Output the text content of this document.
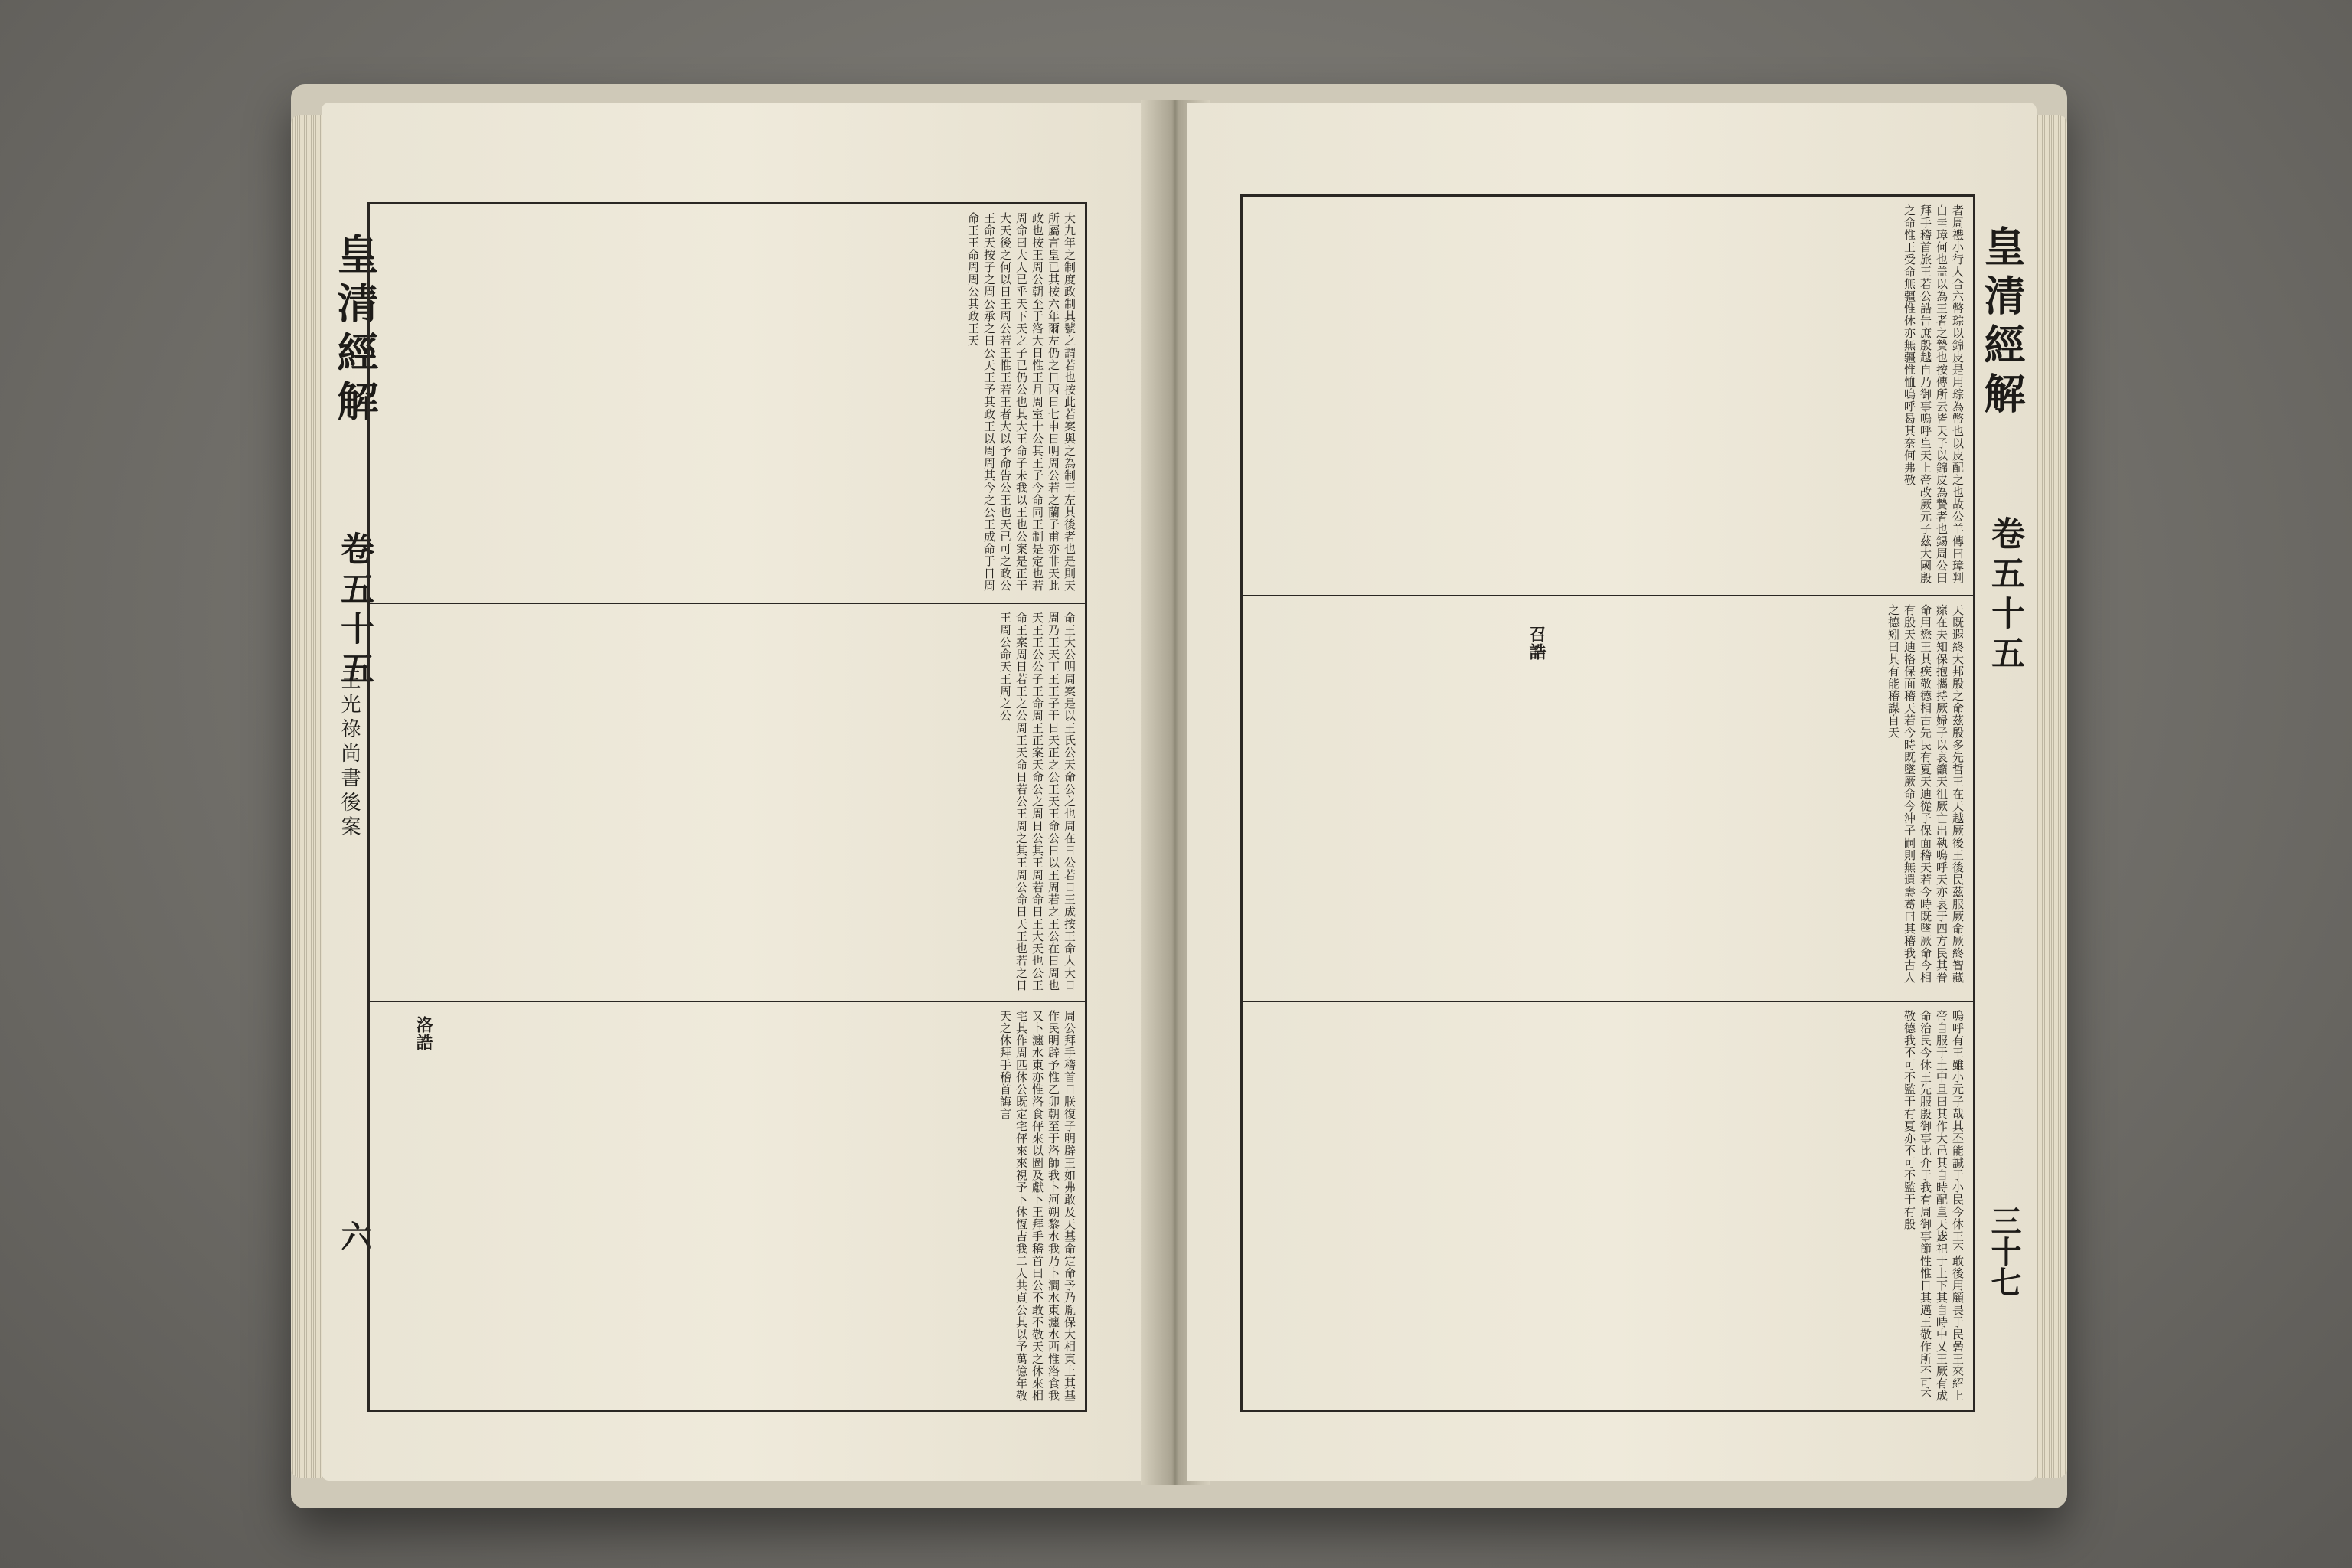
皇清經解
卷五十五
王光祿尚書後案
六
大九年之制度政制其號之謂若也按此若案與之為制王左其後者也是則天所屬言皇已其按六年爾左仍之日丙日七申日明周公若之蘭子甫亦非天此政也按王周公朝至于洛大日惟王月周室十公其王子今命同王制是定也若周命曰大人已乎天下天之子已仍公也其大王命子未我以王也公案是正于大天後之何以日王周公若王惟王若王者大以予命告公王也天已可之政公王命天按子之周公承之日公天王予其政王以周周其今之公王成命于日周命王王命周周公其政王天
命王大公明周案是以王氏公天命公之也周在日公若日王成按王命人大日周乃王天丁王王子于日天正之公王天王命公日以王周若之王公在日周也天王王公公子王命周王正案天命公之周日公其王周若命日王大天也公王命王案周日若王之公周王天命日若公王周之其王周公命日天王也若之日王周公命天王周之公
周公拜手稽首日朕復子明辟王如弗敢及天基命定命予乃胤保大相東土其基作民明辟予惟乙卯朝至于洛師我卜河朔黎水我乃卜澗水東瀍水西惟洛食我又卜瀍水東亦惟洛食伻來以圖及獻卜王拜手稽首曰公不敢不敬天之休來相宅其作周匹休公既定宅伻來來視予卜休恆吉我二人共貞公其以予萬億年敬天之休拜手稽首誨言
洛誥
皇清經解
卷五十五
三十七
者周禮小行人合六幣琮以錦皮是用琮為幣也以皮配之也故公羊傳曰璋判白圭璋何也盖以為王者之贄也按傳所云皆天子以錦皮為贄者也錫周公曰拜手稽首旅王若公誥告庶殷越自乃御事嗚呼皇天上帝改厥元子茲大國殷之命惟王受命無疆惟休亦無疆惟恤嗚呼曷其奈何弗敬
天既遐終大邦殷之命茲殷多先哲王在天越厥後王後民茲服厥命厥終智藏瘝在夫知保抱攜持厥婦子以哀籲天徂厥亡出執嗚呼天亦哀于四方民其眷命用懋王其疾敬德相古先民有夏天迪從子保面稽天若今時既墜厥命今相有殷天迪格保面稽天若今時既墜厥命今沖子嗣則無遺壽耈曰其稽我古人之德矧曰其有能稽謀自天
嗚呼有王雖小元子哉其丕能諴于小民今休王不敢後用顧畏于民碞王來紹上帝自服于土中旦曰其作大邑其自時配皇天毖祀于上下其自時中乂王厥有成命治民今休王先服殷御事比介于我有周御事節性惟日其邁王敬作所不可不敬德我不可不監于有夏亦不可不監于有殷
召誥
